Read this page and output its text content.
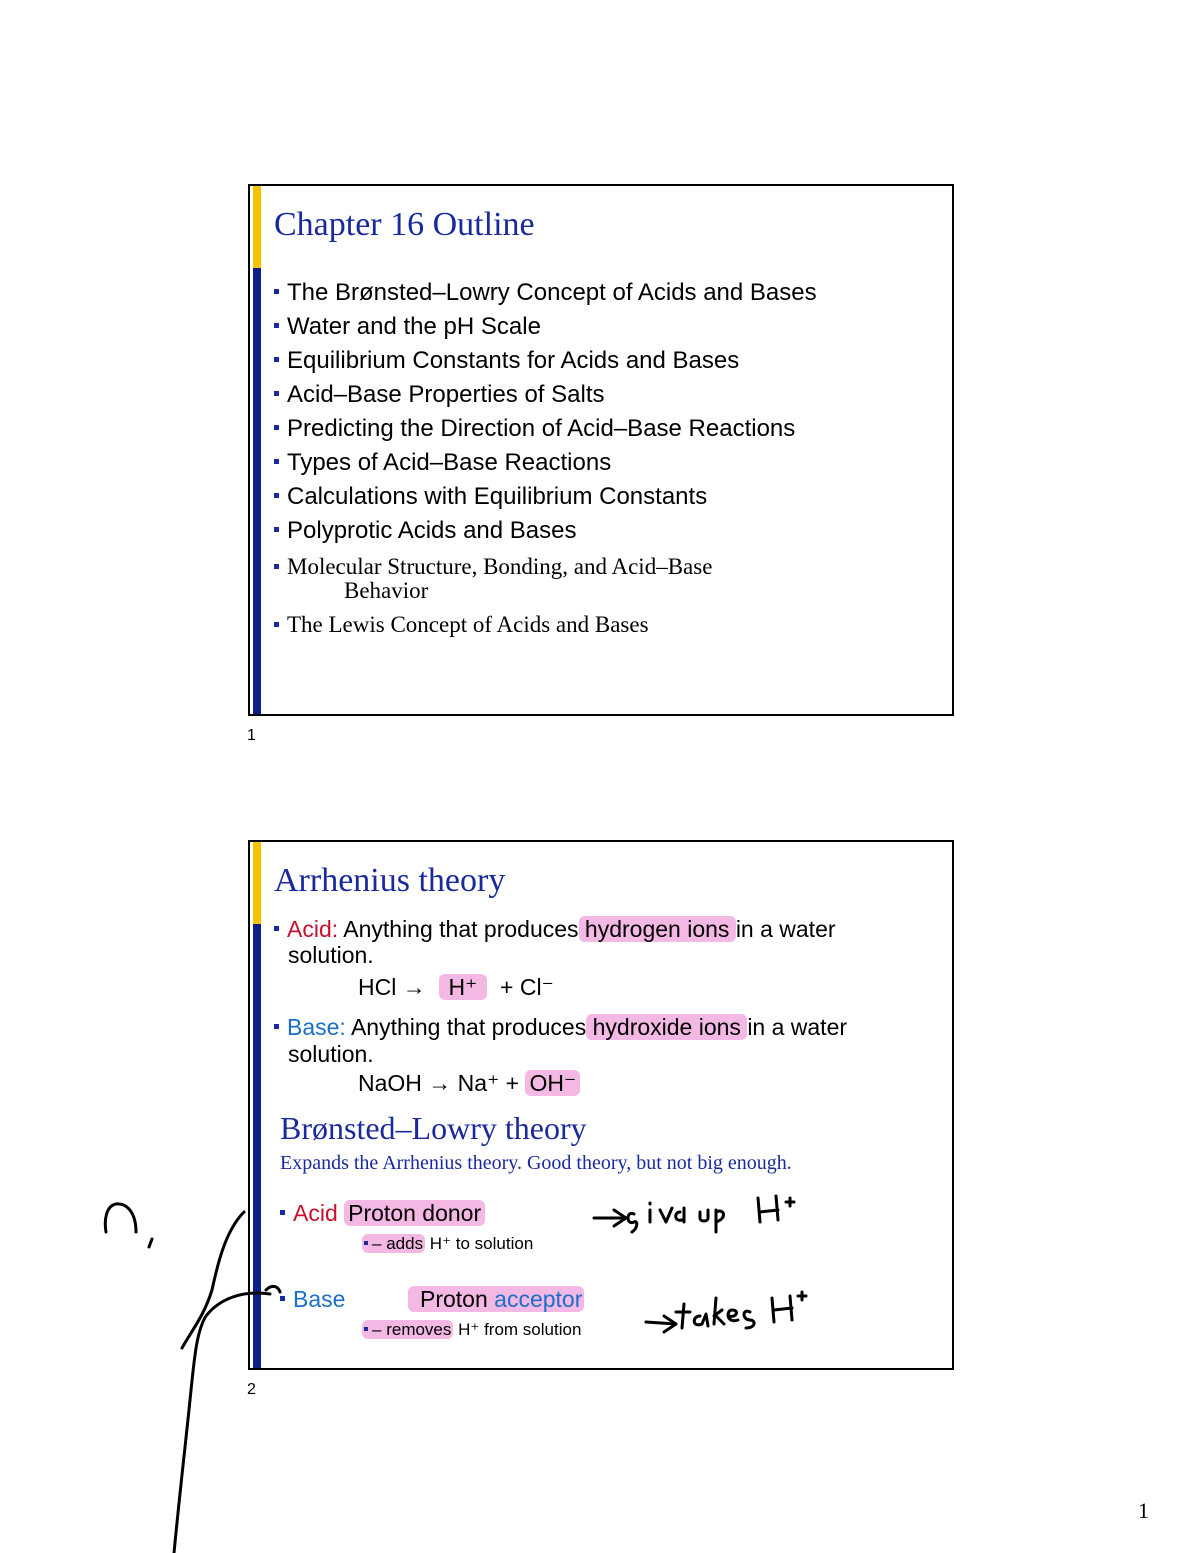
Chapter 16 Outline
The Brønsted–Lowry Concept of Acids and Bases
Water and the pH Scale
Equilibrium Constants for Acids and Bases
Acid–Base Properties of Salts
Predicting the Direction of Acid–Base Reactions
Types of Acid–Base Reactions
Calculations with Equilibrium Constants
Polyprotic Acids and Bases
Molecular Structure, Bonding, and Acid–Base
Behavior
The Lewis Concept of Acids and Bases
1
Arrhenius theory
Acid: Anything that produces hydrogen ions in a water
solution.
HCl → H⁺ + Cl⁻
Base: Anything that produces hydroxide ions in a water
solution.
NaOH → Na⁺ + OH⁻
Brønsted–Lowry theory
Expands the Arrhenius theory. Good theory, but not big enough.
Acid Proton donor
– adds H⁺ to solution
Base	Proton acceptor
– removes H⁺ from solution
2
1
